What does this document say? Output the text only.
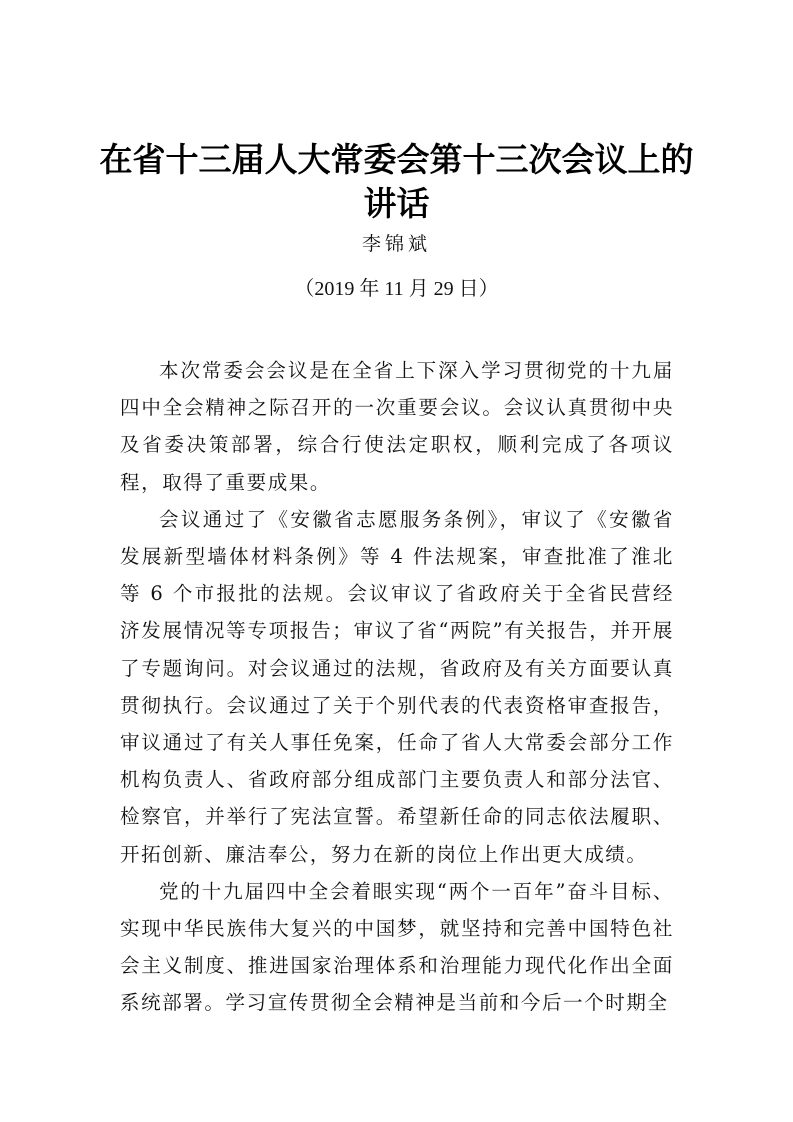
在省十三届人大常委会第十三次会议上的
讲话
李锦斌
（2019 年 11 月 29 日）

本次常委会会议是在全省上下深入学习贯彻党的十九届四中全会精神之际召开的一次重要会议。会议认真贯彻中央及省委决策部署，综合行使法定职权，顺利完成了各项议程，取得了重要成果。

会议通过了《安徽省志愿服务条例》，审议了《安徽省发展新型墙体材料条例》等 4 件法规案，审查批准了淮北等 6 个市报批的法规。会议审议了省政府关于全省民营经济发展情况等专项报告；审议了省“两院”有关报告，并开展了专题询问。对会议通过的法规，省政府及有关方面要认真贯彻执行。会议通过了关于个别代表的代表资格审查报告，审议通过了有关人事任免案，任命了省人大常委会部分工作机构负责人、省政府部分组成部门主要负责人和部分法官、检察官，并举行了宪法宣誓。希望新任命的同志依法履职、开拓创新、廉洁奉公，努力在新的岗位上作出更大成绩。

党的十九届四中全会着眼实现“两个一百年”奋斗目标、实现中华民族伟大复兴的中国梦，就坚持和完善中国特色社会主义制度、推进国家治理体系和治理能力现代化作出全面系统部署。学习宣传贯彻全会精神是当前和今后一个时期全
